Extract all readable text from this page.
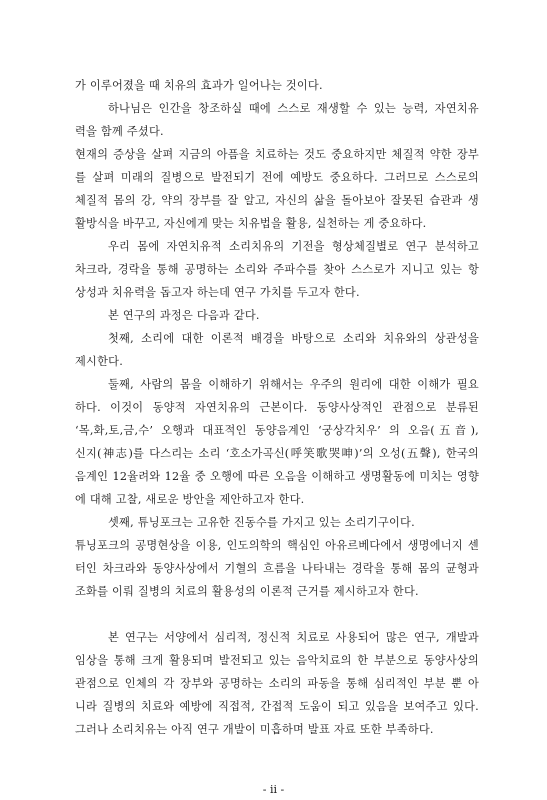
가 이루어졌을 때 치유의 효과가 일어나는 것이다.
하나님은 인간을 창조하실 때에 스스로 재생할 수 있는 능력, 자연치유
력을 함께 주셨다.
현재의 증상을 살펴 지금의 아픔을 치료하는 것도 중요하지만 체질적 약한 장부
를 살펴 미래의 질병으로 발전되기 전에 예방도 중요하다. 그러므로 스스로의
체질적 몸의 강, 약의 장부를 잘 알고, 자신의 삶을 돌아보아 잘못된 습관과 생
활방식을 바꾸고, 자신에게 맞는 치유법을 활용, 실천하는 게 중요하다.
우리 몸에 자연치유적 소리치유의 기전을 형상체질별로 연구 분석하고
차크라, 경락을 통해 공명하는 소리와 주파수를 찾아 스스로가 지니고 있는 항
상성과 치유력을 돕고자 하는데 연구 가치를 두고자 한다.
본 연구의 과정은 다음과 같다.
첫째, 소리에 대한 이론적 배경을 바탕으로 소리와 치유와의 상관성을
제시한다.
둘째, 사람의 몸을 이해하기 위해서는 우주의 원리에 대한 이해가 필요
하다. 이것이 동양적 자연치유의 근본이다. 동양사상적인 관점으로 분류된
‘목,화,토,금,수’ 오행과 대표적인 동양음계인 ‘궁상각치우’ 의 오음(五音),
신지(神志)를 다스리는 소리 ‘호소가곡신(呼笑歌哭呻)’의 오성(五聲), 한국의
음계인 12율려와 12율 중 오행에 따른 오음을 이해하고 생명활동에 미치는 영향
에 대해 고찰, 새로운 방안을 제안하고자 한다.
셋째, 튜닝포크는 고유한 진동수를 가지고 있는 소리기구이다.
튜닝포크의 공명현상을 이용, 인도의학의 핵심인 아유르베다에서 생명에너지 센
터인 차크라와 동양사상에서 기혈의 흐름을 나타내는 경락을 통해 몸의 균형과
조화를 이뤄 질병의 치료의 활용성의 이론적 근거를 제시하고자 한다.
본 연구는 서양에서 심리적, 정신적 치료로 사용되어 많은 연구, 개발과
임상을 통해 크게 활용되며 발전되고 있는 음악치료의 한 부분으로 동양사상의
관점으로 인체의 각 장부와 공명하는 소리의 파동을 통해 심리적인 부분 뿐 아
니라 질병의 치료와 예방에 직접적, 간접적 도움이 되고 있음을 보여주고 있다.
그러나 소리치유는 아직 연구 개발이 미흡하며 발표 자료 또한 부족하다.
- ii -
